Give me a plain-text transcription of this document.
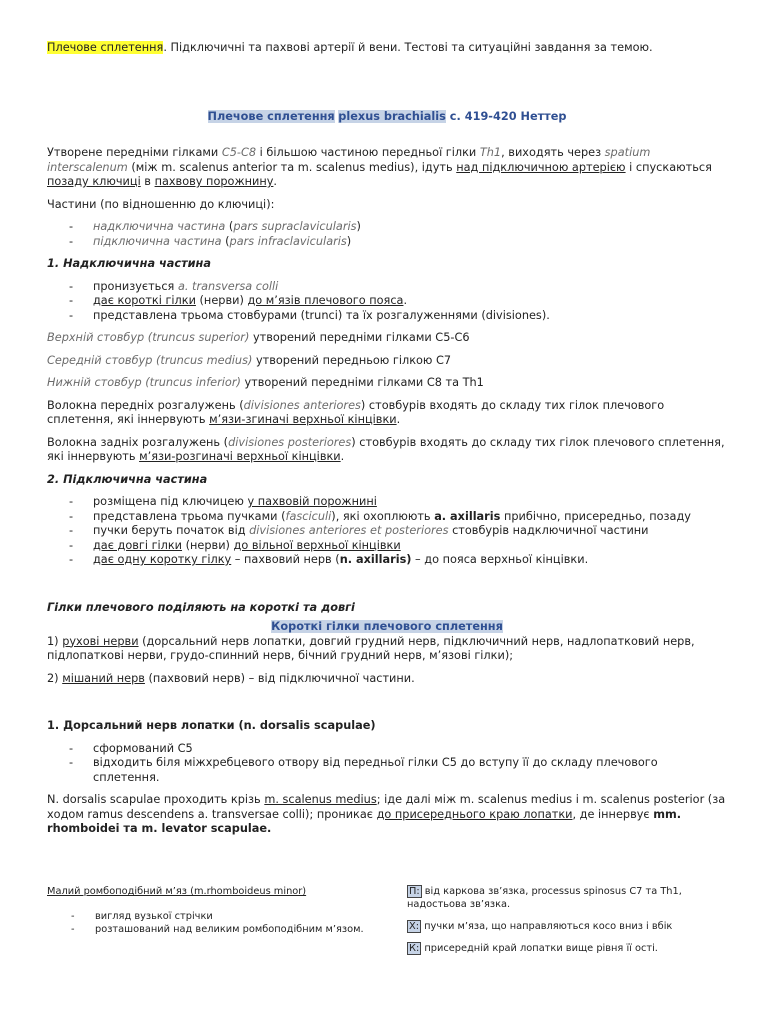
Плечове сплетення. Підключичні та пахвові артерії й вени. Тестові та ситуаційні завдання за темою.

Плечове сплетення plexus brachialis с. 419-420 Неттер

Утворене передніми гілками C5-C8 і більшою частиною передньої гілки Th1, виходять через spatium interscalenum (між m. scalenus anterior та m. scalenus medius), ідуть над підключичною артерією і спускаються позаду ключиці в пахвову порожнину.

Частини (по відношенню до ключиці):

- надключична частина (pars supraclavicularis)
- підключична частина (pars infraclavicularis)

1. Надключична частина

- пронизується a. transversa colli
- дає короткі гілки (нерви) до м’язів плечового пояса.
- представлена трьома стовбурами (trunci) та їх розгалуженнями (divisiones).

Верхній стовбур (truncus superior) утворений передніми гілками C5-C6

Середній стовбур (truncus medius) утворений передньою гілкою C7

Нижній стовбур (truncus inferior) утворений передніми гілками C8 та Th1

Волокна передніх розгалужень (divisiones anteriores) стовбурів входять до складу тих гілок плечового сплетення, які іннервують м’язи-згиначі верхньої кінцівки.

Волокна задніх розгалужень (divisiones posteriores) стовбурів входять до складу тих гілок плечового сплетення, які іннервують м’язи-розгиначі верхньої кінцівки.

2. Підключична частина

- розміщена під ключицею у пахвовій порожнині
- представлена трьома пучками (fasciculi), які охоплюють a. axillaris прибічно, присередньо, позаду
- пучки беруть початок від divisiones anteriores et posteriores стовбурів надключичної частини
- дає довгі гілки (нерви) до вільної верхньої кінцівки
- дає одну коротку гілку – пахвовий нерв (n. axillaris) – до пояса верхньої кінцівки.

Гілки плечового поділяють на короткі та довгі

Короткі гілки плечового сплетення

1) рухові нерви (дорсальний нерв лопатки, довгий грудний нерв, підключичний нерв, надлопатковий нерв, підлопаткові нерви, грудо-спинний нерв, бічний грудний нерв, м’язові гілки);

2) мішаний нерв (пахвовий нерв) – від підключичної частини.

1. Дорсальний нерв лопатки (n. dorsalis scapulae)

- сформований C5
- відходить біля міжхребцевого отвору від передньої гілки C5 до вступу її до складу плечового сплетення.

N. dorsalis scapulae проходить крізь m. scalenus medius; іде далі між m. scalenus medius і m. scalenus posterior (за ходом ramus descendens a. transversae colli); проникає до присереднього краю лопатки, де іннервує mm. rhomboidei та m. levator scapulae.

Малий ромбоподібний м’яз (m.rhomboideus minor)

- вигляд вузької стрічки
- розташований над великим ромбоподібним м’язом.

П: від каркова зв’язка, processus spinosus C7 та Th1, надостьова зв’язка.

Х: пучки м’яза, що направляються косо вниз і вбік

К: присередній край лопатки вище рівня її ості.
